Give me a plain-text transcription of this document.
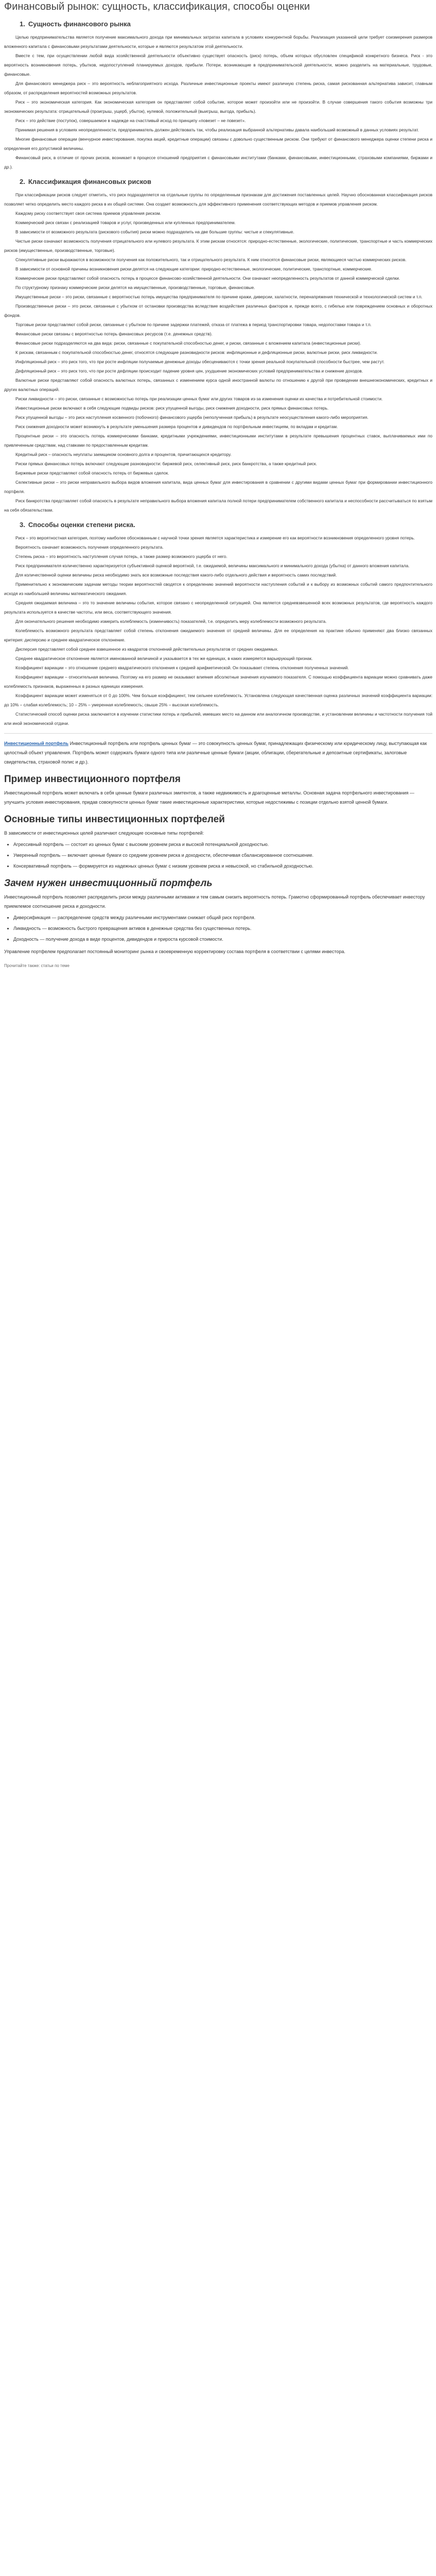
Финансовый рынок: сущность, классификация, способы оценки
1. Сущность финансового рынка

Целью предпринимательства является получение максимального дохода при минимальных затратах капитала в условиях конкурентной борьбы. Реализация указанной цели требует соизмерения размеров вложенного капитала с финансовыми результатами деятельности, которые и являются результатом этой деятельности.

Вместе с тем, при осуществлении любой вида хозяйственной деятельности объективно существует опасность (риск) потерь, объем которых обусловлен спецификой конкретного бизнеса. Риск - это вероятность возникновения потерь, убытков, недопоступлений планируемых доходов, прибыли. Потери, возникающие в предпринимательской деятельности, можно разделить на материальные, трудовые, финансовые.

Для финансового менеджера риск – это вероятность неблагоприятного исхода. Различные инвестиционные проекты имеют различную степень риска, самая рискованная альтернатива зависит, главным образом, от распределения вероятностей возможных результатов.

Риск – это экономическая категория. Как экономическая категория он представляет собой событие, которое может произойти или не произойти. В случае совершения такого события возможны три экономических результата: отрицательный (проигрыш, ущерб, убыток), нулевой, положительный (выигрыш, выгода, прибыль).

Риск – это действие (поступок), совершаемое в надежде на счастливый исход по принципу «повезет – не повезет».

Принимая решения в условиях неопределенности, предприниматель должен действовать так, чтобы реализация выбранной альтернативы давала наибольший возможный в данных условиях результат.

Многие финансовые операции (венчурное инвестирование, покупка акций, кредитные операции) связаны с довольно существенным риском. Они требуют от финансового менеджера оценки степени риска и определения его допустимой величины.

Финансовый риск, в отличие от прочих рисков, возникает в процессе отношений предприятия с финансовыми институтами (банками, финансовыми, инвестиционными, страховыми компаниями, биржами и др.).

2. Классификация финансовых рисков

При классификации рисков следует отметить, что риск подразделяется на отдельные группы по определенным признакам для достижения поставленных целей. Научно обоснованная классификация рисков позволяет четко определить место каждого риска в их общей системе. Она создает возможность для эффективного применения соответствующих методов и приемов управления риском.

Каждому риску соответствует своя система приемов управления риском.

Коммерческий риск связан с реализацией товаров и услуг, произведенных или купленных предпринимателем.

В зависимости от возможного результата (рискового события) риски можно подразделить на две большие группы: чистые и спекулятивные.

Чистые риски означают возможность получения отрицательного или нулевого результата. К этим рискам относятся: природно-естественные, экологические, политические, транспортные и часть коммерческих рисков (имущественные, производственные, торговые).

Спекулятивные риски выражаются в возможности получения как положительного, так и отрицательного результата. К ним относятся финансовые риски, являющиеся частью коммерческих рисков.

В зависимости от основной причины возникновения риски делятся на следующие категории: природно-естественные, экологические, политические, транспортные, коммерческие.

Коммерческие риски представляют собой опасность потерь в процессе финансово-хозяйственной деятельности. Они означают неопределенность результатов от данной коммерческой сделки.

По структурному признаку коммерческие риски делятся на имущественные, производственные, торговые, финансовые.

Имущественные риски – это риски, связанные с вероятностью потерь имущества предпринимателя по причине кражи, диверсии, халатности, перенапряжения технической и технологической систем и т.п.

Производственные риски – это риски, связанные с убытком от остановки производства вследствие воздействия различных факторов и, прежде всего, с гибелью или повреждением основных и оборотных фондов.

Торговые риски представляют собой риски, связанные с убытком по причине задержки платежей, отказа от платежа в период транспортировки товара, недопоставки товара и т.п.

Финансовые риски связаны с вероятностью потерь финансовых ресурсов (т.е. денежных средств).

Финансовые риски подразделяются на два вида: риски, связанные с покупательной способностью денег, и риски, связанные с вложением капитала (инвестиционные риски).

К рискам, связанным с покупательной способностью денег, относятся следующие разновидности рисков: инфляционные и дефляционные риски, валютные риски, риск ликвидности.

Инфляционный риск – это риск того, что при росте инфляции получаемые денежные доходы обесцениваются с точки зрения реальной покупательной способности быстрее, чем растут.

Дефляционный риск – это риск того, что при росте дефляции происходит падение уровня цен, ухудшение экономических условий предпринимательства и снижение доходов.

Валютные риски представляют собой опасность валютных потерь, связанных с изменением курса одной иностранной валюты по отношению к другой при проведении внешнеэкономических, кредитных и других валютных операций.

Риски ликвидности – это риски, связанные с возможностью потерь при реализации ценных бумаг или других товаров из-за изменения оценки их качества и потребительной стоимости.

Инвестиционные риски включают в себя следующие подвиды рисков: риск упущенной выгоды, риск снижения доходности, риск прямых финансовых потерь.

Риск упущенной выгоды – это риск наступления косвенного (побочного) финансового ущерба (неполученная прибыль) в результате неосуществления какого-либо мероприятия.

Риск снижения доходности может возникнуть в результате уменьшения размера процентов и дивидендов по портфельным инвестициям, по вкладам и кредитам.

Процентные риски – это опасность потерь коммерческими банками, кредитными учреждениями, инвестиционными институтами в результате превышения процентных ставок, выплачиваемых ими по привлеченным средствам, над ставками по предоставленным кредитам.

Кредитный риск – опасность неуплаты заемщиком основного долга и процентов, причитающихся кредитору.

Риски прямых финансовых потерь включают следующие разновидности: биржевой риск, селективный риск, риск банкротства, а также кредитный риск.

Биржевые риски представляют собой опасность потерь от биржевых сделок.

Селективные риски – это риски неправильного выбора видов вложения капитала, вида ценных бумаг для инвестирования в сравнении с другими видами ценных бумаг при формировании инвестиционного портфеля.

Риск банкротства представляет собой опасность в результате неправильного выбора вложения капитала полной потери предпринимателем собственного капитала и неспособности рассчитываться по взятым на себя обязательствам.

3. Способы оценки степени риска.

Риск – это вероятностная категория, поэтому наиболее обоснованным с научной точки зрения является характеристика и измерение его как вероятности возникновения определенного уровня потерь.

Вероятность означает возможность получения определенного результата.

Степень риска – это вероятность наступления случая потерь, а также размер возможного ущерба от него.

Риск предпринимателя количественно характеризуется субъективной оценкой вероятной, т.е. ожидаемой, величины максимального и минимального дохода (убытка) от данного вложения капитала.

Для количественной оценки величины риска необходимо знать все возможные последствия какого-либо отдельного действия и вероятность самих последствий.

Применительно к экономическим задачам методы теории вероятностей сводятся к определению значений вероятности наступления событий и к выбору из возможных событий самого предпочтительного исходя из наибольшей величины математического ожидания.

Средняя ожидаемая величина – это то значение величины события, которое связано с неопределенной ситуацией. Она является средневзвешенной всех возможных результатов, где вероятность каждого результата используется в качестве частоты, или веса, соответствующего значения.

Для окончательного решения необходимо измерить колеблемость (изменчивость) показателей, т.е. определить меру колеблемости возможного результата.

Колеблемость возможного результата представляет собой степень отклонения ожидаемого значения от средней величины. Для ее определения на практике обычно применяют два близко связанных критерия: дисперсию и среднее квадратическое отклонение.

Дисперсия представляет собой среднее взвешенное из квадратов отклонений действительных результатов от средних ожидаемых.

Среднее квадратическое отклонение является именованной величиной и указывается в тех же единицах, в каких измеряется варьирующий признак.

Коэффициент вариации – это отношение среднего квадратического отклонения к средней арифметической. Он показывает степень отклонения полученных значений.

Коэффициент вариации – относительная величина. Поэтому на его размер не оказывают влияния абсолютные значения изучаемого показателя. С помощью коэффициента вариации можно сравнивать даже колеблемость признаков, выраженных в разных единицах измерения.

Коэффициент вариации может изменяться от 0 до 100%. Чем больше коэффициент, тем сильнее колеблемость. Установлена следующая качественная оценка различных значений коэффициента вариации: до 10% – слабая колеблемость; 10 – 25% – умеренная колеблемость; свыше 25% – высокая колеблемость.

Статистический способ оценки риска заключается в изучении статистики потерь и прибылей, имевших место на данном или аналогичном производстве, и установлении величины и частотности получения той или иной экономической отдачи.

Инвестиционный портфель Инвестиционный портфель или портфель ценных бумаг — это совокупность ценных бумаг, принадлежащих физическому или юридическому лицу, выступающая как целостный объект управления. Портфель может содержать бумаги одного типа или различные ценные бумаги (акции, облигации, сберегательные и депозитные сертификаты, залоговые свидетельства, страховой полис и др.).

Пример инвестиционного портфеля

Инвестиционный портфель может включать в себя ценные бумаги различных эмитентов, а также недвижимость и драгоценные металлы. Основная задача портфельного инвестирования — улучшить условия инвестирования, придав совокупности ценных бумаг такие инвестиционные характеристики, которые недостижимы с позиции отдельно взятой ценной бумаги.

Основные типы инвестиционных портфелей

В зависимости от инвестиционных целей различают следующие основные типы портфелей:

• Агрессивный портфель — состоит из ценных бумаг с высоким уровнем риска и высокой потенциальной доходностью.
• Умеренный портфель — включает ценные бумаги со средним уровнем риска и доходности, обеспечивая сбалансированное соотношение.
• Консервативный портфель — формируется из надежных ценных бумаг с низким уровнем риска и невысокой, но стабильной доходностью.
Зачем нужен инвестиционный портфель

Инвестиционный портфель позволяет распределить риски между различными активами и тем самым снизить вероятность потерь. Грамотно сформированный портфель обеспечивает инвестору приемлемое соотношение риска и доходности.

• Диверсификация — распределение средств между различными инструментами снижает общий риск портфеля.
• Ликвидность — возможность быстрого превращения активов в денежные средства без существенных потерь.
• Доходность — получение дохода в виде процентов, дивидендов и прироста курсовой стоимости.

Управление портфелем предполагает постоянный мониторинг рынка и своевременную корректировку состава портфеля в соответствии с целями инвестора.

Прочитайте также: статьи по теме
